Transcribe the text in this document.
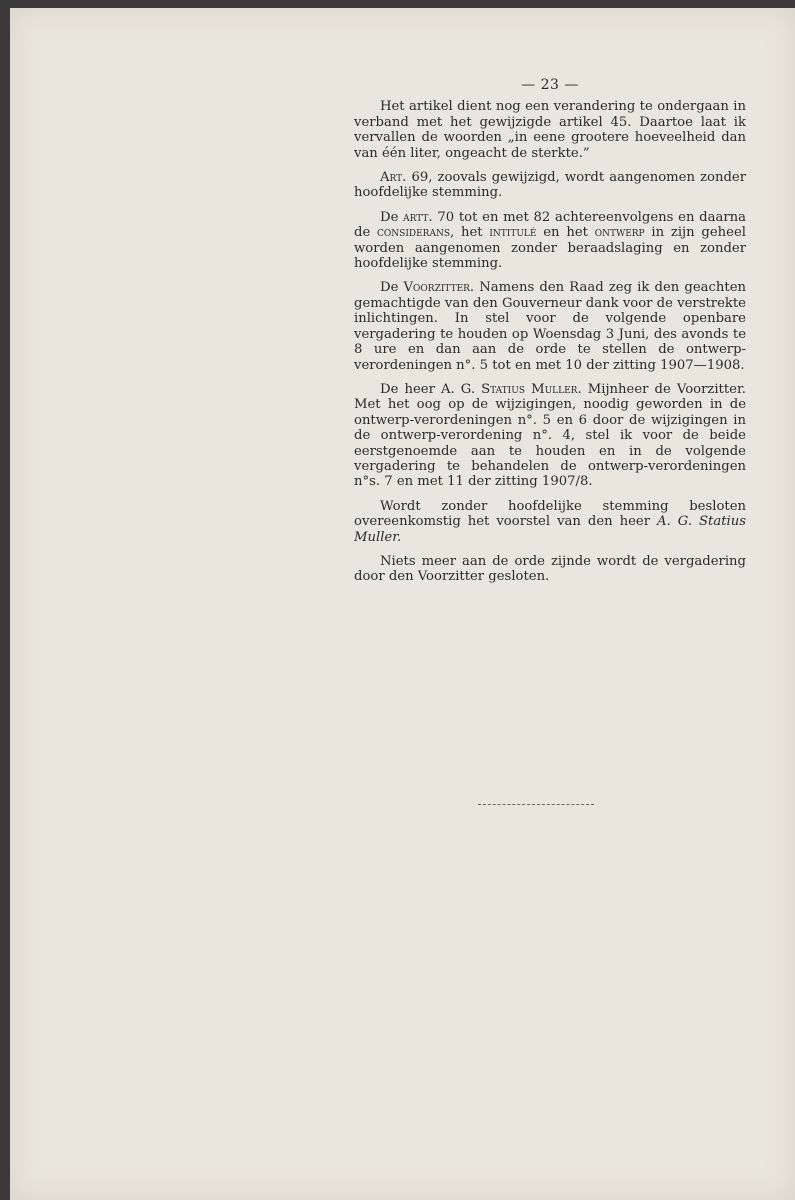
— 23 —

Het artikel dient nog een verandering te ondergaan in verband met het gewijzigde artikel 45. Daartoe laat ik vervallen de woorden „in eene grootere hoeveelheid dan van één liter, ongeacht de sterkte.”

Art. 69, zoovals gewijzigd, wordt aangenomen zonder hoofdelijke stemming.

De artt. 70 tot en met 82 achtereenvolgens en daarna de considerans, het intitulé en het ontwerp in zijn geheel worden aangenomen zonder beraadslaging en zonder hoofdelijke stemming.

De Voorzitter. Namens den Raad zeg ik den geachten gemachtigde van den Gouverneur dank voor de verstrekte inlichtingen. In stel voor de volgende openbare vergadering te houden op Woensdag 3 Juni, des avonds te 8 ure en dan aan de orde te stellen de ontwerp-verordeningen n°. 5 tot en met 10 der zitting 1907—1908.

De heer A. G. Statius Muller. Mijnheer de Voorzitter. Met het oog op de wijzigingen, noodig geworden in de ontwerp-verordeningen n°. 5 en 6 door de wijzigingen in de ontwerp-verordening n°. 4, stel ik voor de beide eerstgenoemde aan te houden en in de volgende vergadering te behandelen de ontwerp-verordeningen n°s. 7 en met 11 der zitting 1907/8.

Wordt zonder hoofdelijke stemming besloten overeenkomstig het voorstel van den heer A. G. Statius Muller.

Niets meer aan de orde zijnde wordt de vergadering door den Voorzitter gesloten.
